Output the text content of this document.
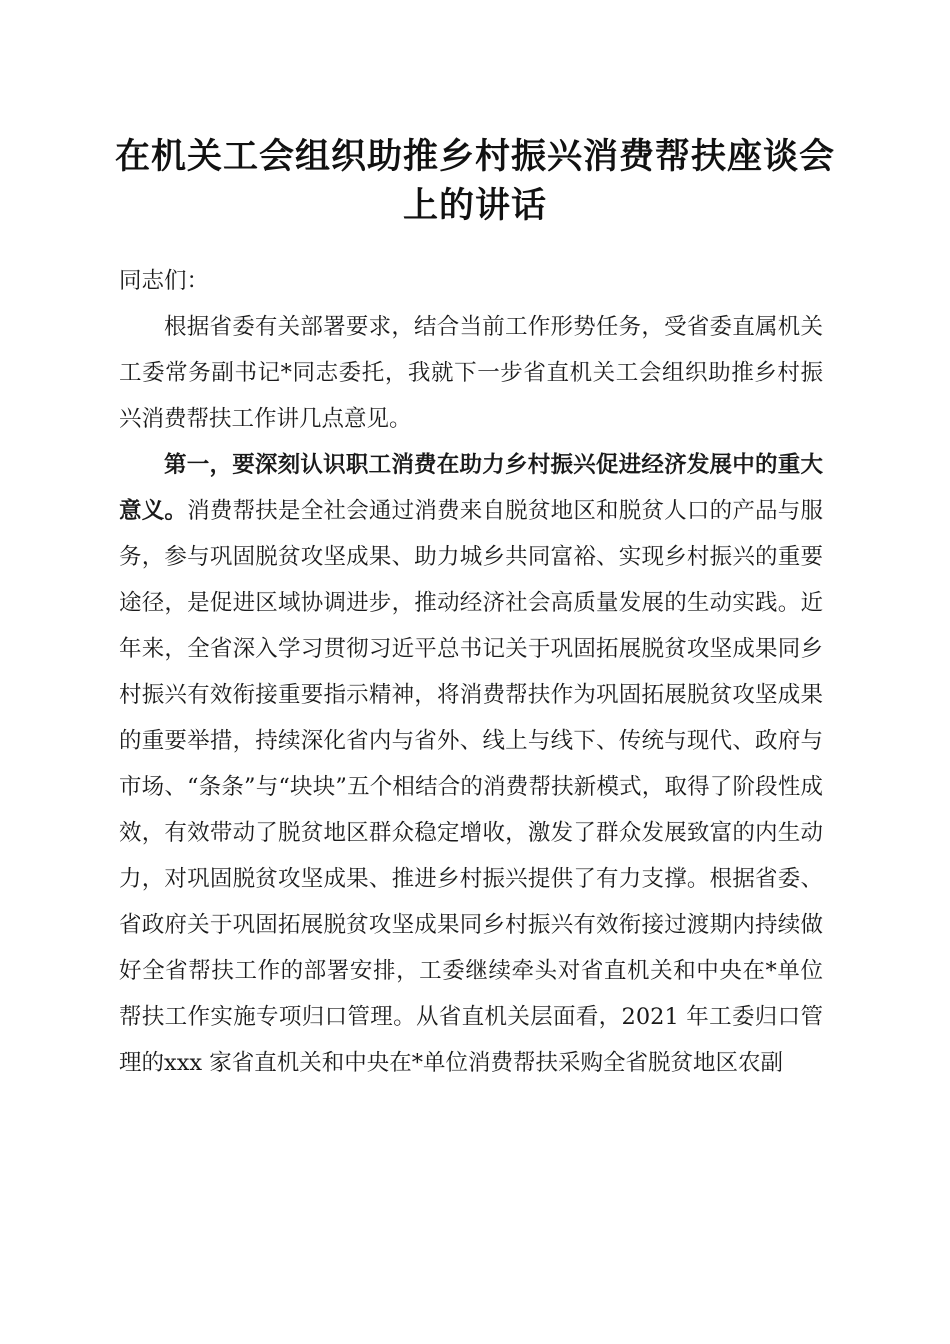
在机关工会组织助推乡村振兴消费帮扶座谈会上的讲话

同志们：

根据省委有关部署要求，结合当前工作形势任务，受省委直属机关工委常务副书记*同志委托，我就下一步省直机关工会组织助推乡村振兴消费帮扶工作讲几点意见。

第一，要深刻认识职工消费在助力乡村振兴促进经济发展中的重大意义。消费帮扶是全社会通过消费来自脱贫地区和脱贫人口的产品与服务，参与巩固脱贫攻坚成果、助力城乡共同富裕、实现乡村振兴的重要途径，是促进区域协调进步，推动经济社会高质量发展的生动实践。近年来，全省深入学习贯彻习近平总书记关于巩固拓展脱贫攻坚成果同乡村振兴有效衔接重要指示精神，将消费帮扶作为巩固拓展脱贫攻坚成果的重要举措，持续深化省内与省外、线上与线下、传统与现代、政府与市场、“条条”与“块块”五个相结合的消费帮扶新模式，取得了阶段性成效，有效带动了脱贫地区群众稳定增收，激发了群众发展致富的内生动力，对巩固脱贫攻坚成果、推进乡村振兴提供了有力支撑。根据省委、省政府关于巩固拓展脱贫攻坚成果同乡村振兴有效衔接过渡期内持续做好全省帮扶工作的部署安排，工委继续牵头对省直机关和中央在*单位帮扶工作实施专项归口管理。从省直机关层面看，2021 年工委归口管理的xxx 家省直机关和中央在*单位消费帮扶采购全省脱贫地区农副
